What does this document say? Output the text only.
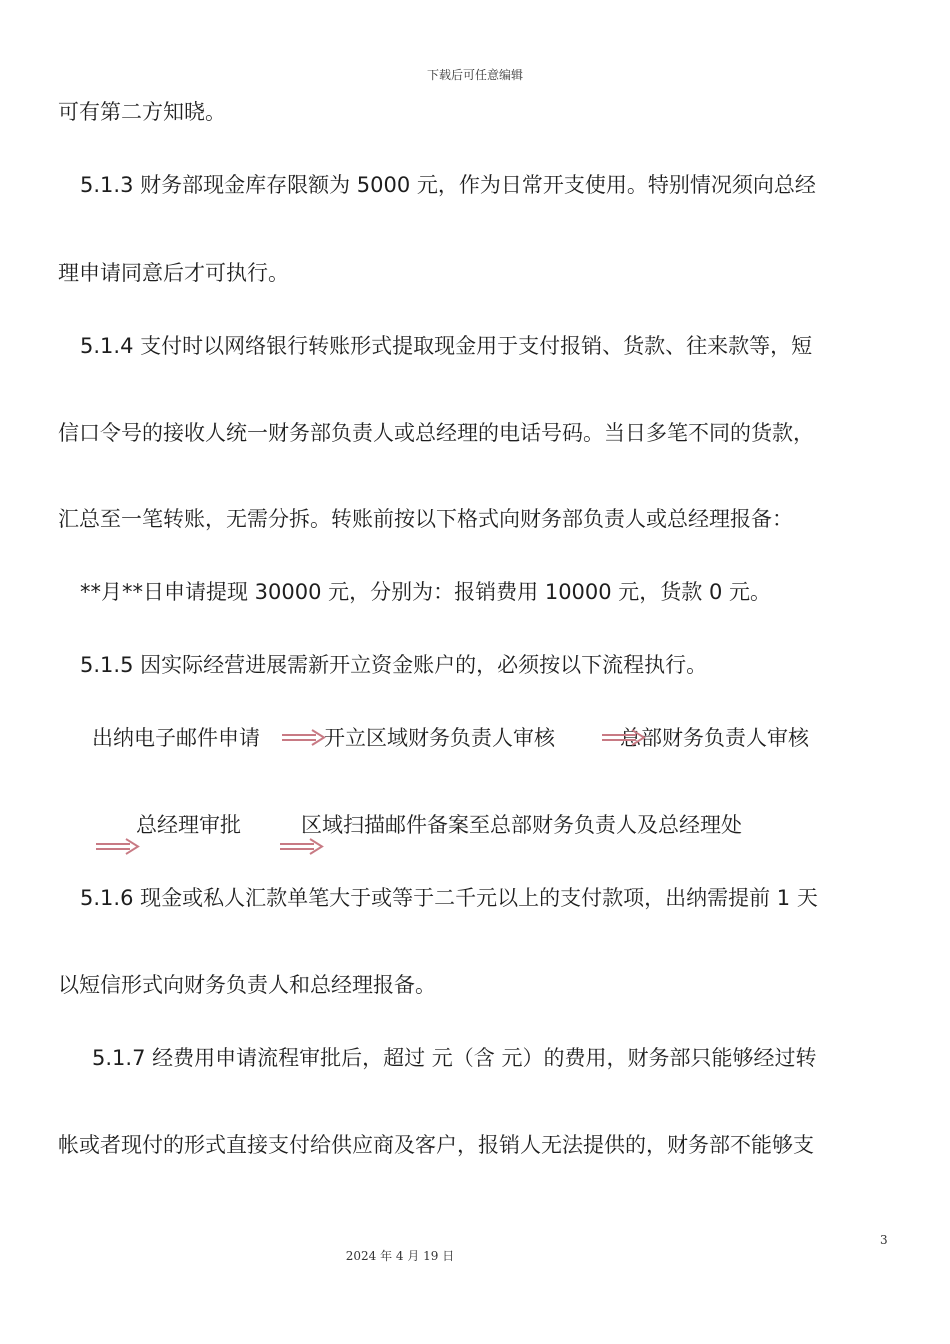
下载后可任意编辑
可有第二方知晓。
5.1.3 财务部现金库存限额为 5000 元，作为日常开支使用。特别情况须向总经
理申请同意后才可执行。
5.1.4 支付时以网络银行转账形式提取现金用于支付报销、货款、往来款等，短
信口令号的接收人统一财务部负责人或总经理的电话号码。当日多笔不同的货款，
汇总至一笔转账，无需分拆。转账前按以下格式向财务部负责人或总经理报备：
**月**日申请提现 30000 元，分别为：报销费用 10000 元，货款 0 元。
5.1.5 因实际经营进展需新开立资金账户的，必须按以下流程执行。
出纳电子邮件申请	开立区域财务负责人审核	总部财务负责人审核
总经理审批	区域扫描邮件备案至总部财务负责人及总经理处
5.1.6 现金或私人汇款单笔大于或等于二千元以上的支付款项，出纳需提前 1 天
以短信形式向财务负责人和总经理报备。
5.1.7 经费用申请流程审批后，超过 元（含 元）的费用，财务部只能够经过转
帐或者现付的形式直接支付给供应商及客户，报销人无法提供的，财务部不能够支
3
2024 年 4 月 19 日
